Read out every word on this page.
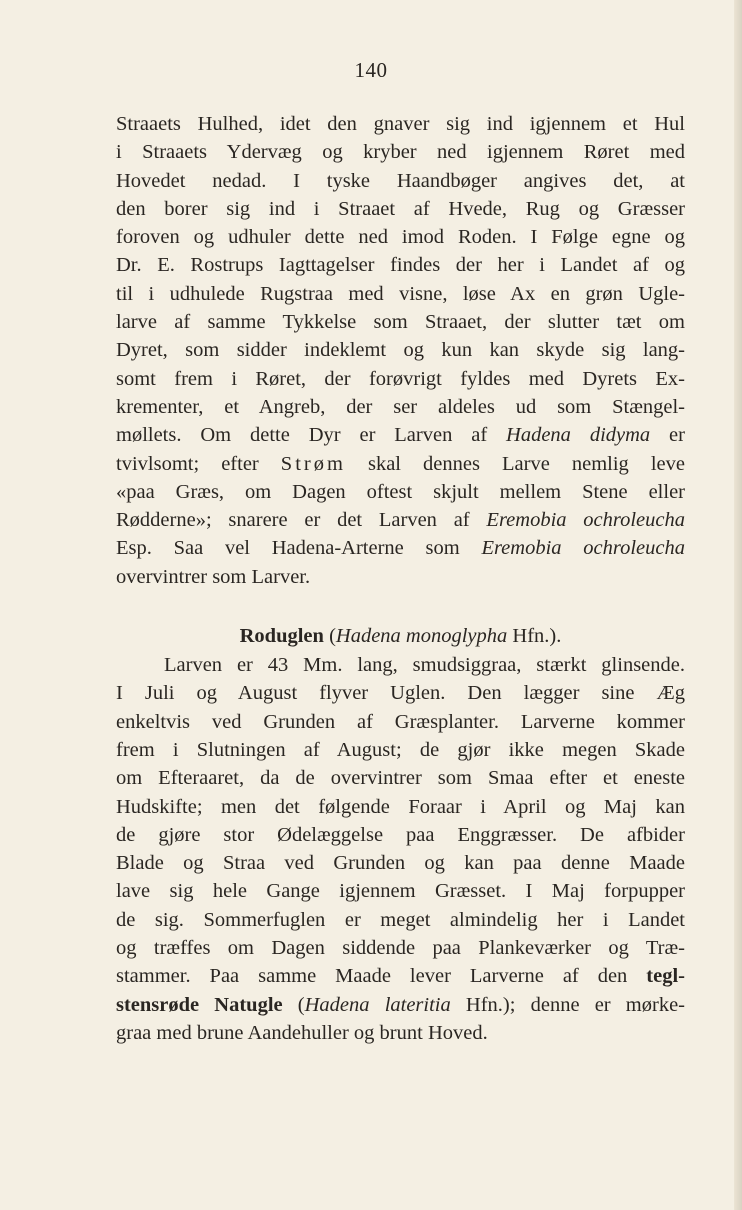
140
Straaets Hulhed, idet den gnaver sig ind igjennem et Hul
i Straaets Ydervæg og kryber ned igjennem Røret med
Hovedet nedad. I tyske Haandbøger angives det, at
den borer sig ind i Straaet af Hvede, Rug og Græsser
foroven og udhuler dette ned imod Roden. I Følge egne og
Dr. E. Rostrups Iagttagelser findes der her i Landet af og
til i udhulede Rugstraa med visne, løse Ax en grøn Ugle-
larve af samme Tykkelse som Straaet, der slutter tæt om
Dyret, som sidder indeklemt og kun kan skyde sig lang-
somt frem i Røret, der forøvrigt fyldes med Dyrets Ex-
krementer, et Angreb, der ser aldeles ud som Stængel-
møllets. Om dette Dyr er Larven af Hadena didyma er
tvivlsomt; efter Strøm skal dennes Larve nemlig leve
«paa Græs, om Dagen oftest skjult mellem Stene eller
Rødderne»; snarere er det Larven af Eremobia ochroleucha
Esp. Saa vel Hadena-Arterne som Eremobia ochroleucha
overvintrer som Larver.
Roduglen (Hadena monoglypha Hfn.).
Larven er 43 Mm. lang, smudsiggraa, stærkt glinsende.
I Juli og August flyver Uglen. Den lægger sine Æg
enkeltvis ved Grunden af Græsplanter. Larverne kommer
frem i Slutningen af August; de gjør ikke megen Skade
om Efteraaret, da de overvintrer som Smaa efter et eneste
Hudskifte; men det følgende Foraar i April og Maj kan
de gjøre stor Ødelæggelse paa Enggræsser. De afbider
Blade og Straa ved Grunden og kan paa denne Maade
lave sig hele Gange igjennem Græsset. I Maj forpupper
de sig. Sommerfuglen er meget almindelig her i Landet
og træffes om Dagen siddende paa Plankeværker og Træ-
stammer. Paa samme Maade lever Larverne af den tegl-
stensrøde Natugle (Hadena lateritia Hfn.); denne er mørke-
graa med brune Aandehuller og brunt Hoved.
